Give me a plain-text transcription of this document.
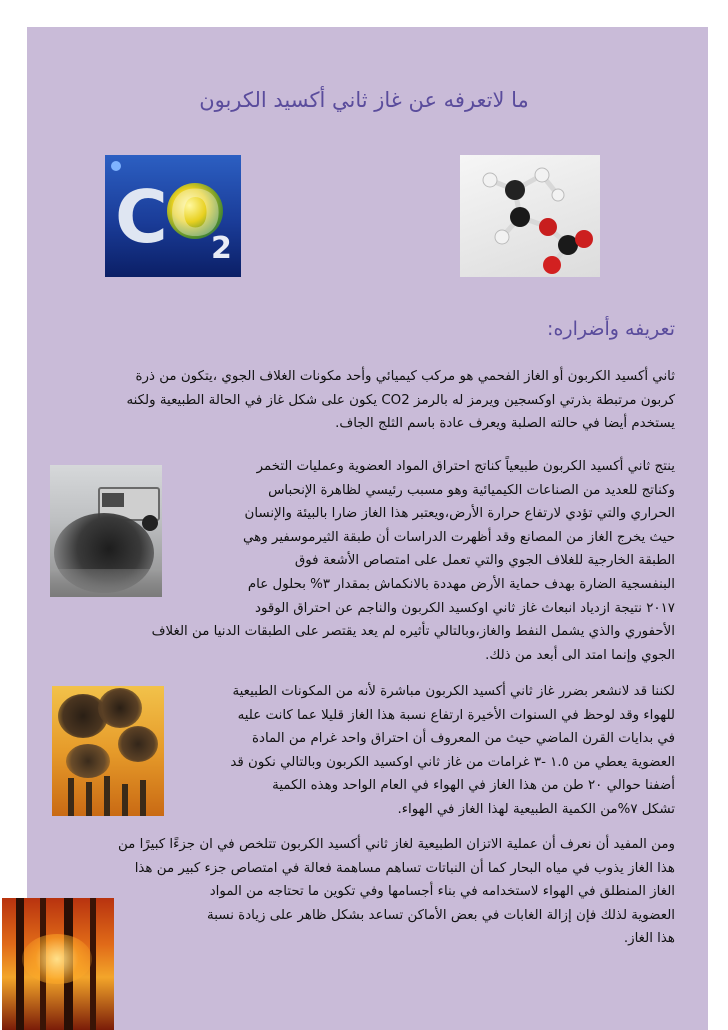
ما لاتعرفه عن غاز ثاني أكسيد الكربون
C O
2
تعريفه وأضراره:

ثاني أكسيد الكربون أو الغاز الفحمي هو مركب كيميائي وأحد مكونات الغلاف الجوي ،يتكون من ذرة

كربون مرتبطة بذرتي اوكسجين ويرمز له بالرمز CO2 يكون على شكل غاز في الحالة الطبيعية ولكنه

يستخدم أيضا في حالته الصلبة ويعرف عادة باسم الثلج الجاف.

ينتج ثاني أكسيد الكربون طبيعياً كناتج احتراق المواد العضوية وعمليات التخمر

وكناتج للعديد من الصناعات الكيميائية وهو مسبب رئيسي لظاهرة الإنحباس

الحراري والتي تؤدي لارتفاع حرارة الأرض،ويعتبر هذا الغاز ضارا بالبيئة والإنسان

حيث يخرج الغاز من المصانع وقد أظهرت الدراسات أن طبقة الثيرموسفير وهي

الطبقة الخارجية للغلاف الجوي والتي تعمل على امتصاص الأشعة فوق

البنفسجية الضارة بهدف حماية الأرض مهددة بالانكماش بمقدار ٣% بحلول عام

٢٠١٧ نتيجة ازدياد انبعاث غاز ثاني اوكسيد الكربون والناجم عن احتراق الوقود

الأحفوري والذي يشمل النفط والغاز،وبالتالي تأثيره لم يعد يقتصر على الطبقات الدنيا من الغلاف

الجوي وإنما امتد الى أبعد من ذلك.

لكننا قد لانشعر بضرر غاز ثاني أكسيد الكربون مباشرة لأنه من المكونات الطبيعية

للهواء وقد لوحظ في السنوات الأخيرة ارتفاع نسبة هذا الغاز قليلا عما كانت عليه

في بدايات القرن الماضي حيث من المعروف أن احتراق واحد غرام من المادة

العضوية يعطي من ١.٥ -٣ غرامات من غاز ثاني اوكسيد الكربون وبالتالي نكون قد

أضفنا حوالي ٢٠ طن من هذا الغاز في الهواء في العام الواحد وهذه الكمية

تشكل ٧%من الكمية الطبيعية لهذا الغاز في الهواء.

ومن المفيد أن نعرف أن عملية الاتزان الطبيعية لغاز ثاني أكسيد الكربون تتلخص في ان جزءًا كبيرًا من

هذا الغاز يذوب في مياه البحار كما أن النباتات تساهم مساهمة فعالة في امتصاص جزء كبير من هذا

الغاز المنطلق في الهواء لاستخدامه في بناء أجسامها وفي تكوين ما تحتاجه من المواد

العضوية لذلك فإن إزالة الغابات في بعض الأماكن تساعد بشكل ظاهر على زيادة نسبة

هذا الغاز.
